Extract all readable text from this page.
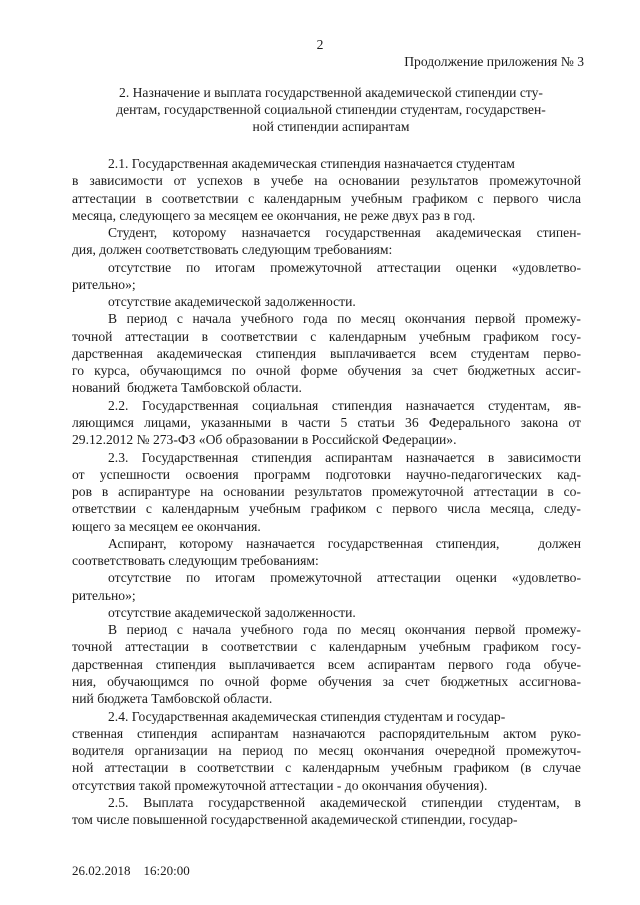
2
Продолжение приложения № 3
2. Назначение и выплата государственной академической стипендии сту-
дентам, государственной социальной стипендии студентам, государствен-
ной стипендии аспирантам
2.1. Государственная академическая стипендия назначается студентам
в зависимости от успехов в учебе на основании результатов промежуточной
аттестации в соответствии с календарным учебным графиком с первого числа
месяца, следующего за месяцем ее окончания, не реже двух раз в год.
Студент, которому назначается государственная академическая стипен-
дия, должен соответствовать следующим требованиям:
отсутствие по итогам промежуточной аттестации оценки «удовлетво-
рительно»;
отсутствие академической задолженности.
В период с начала учебного года по месяц окончания первой промежу-
точной аттестации в соответствии с календарным учебным графиком госу-
дарственная академическая стипендия выплачивается всем студентам перво-
го курса, обучающимся по очной форме обучения за счет бюджетных ассиг-
нований  бюджета Тамбовской области.
2.2. Государственная социальная стипендия назначается студентам, яв-
ляющимся лицами, указанными в части 5 статьи 36 Федерального закона от
29.12.2012 № 273-ФЗ «Об образовании в Российской Федерации».
2.3. Государственная стипендия аспирантам назначается в зависимости
от успешности освоения программ подготовки научно-педагогических кад-
ров в аспирантуре на основании результатов промежуточной аттестации в со-
ответствии с календарным учебным графиком с первого числа месяца, следу-
ющего за месяцем ее окончания.
Аспирант, которому назначается государственная стипендия,   должен
соответствовать следующим требованиям:
отсутствие по итогам промежуточной аттестации оценки «удовлетво-
рительно»;
отсутствие академической задолженности.
В период с начала учебного года по месяц окончания первой промежу-
точной аттестации в соответствии с календарным учебным графиком госу-
дарственная стипендия выплачивается всем аспирантам первого года обуче-
ния, обучающимся по очной форме обучения за счет бюджетных ассигнова-
ний бюджета Тамбовской области.
2.4. Государственная академическая стипендия студентам и государ-
ственная стипендия аспирантам назначаются распорядительным актом руко-
водителя организации на период по месяц окончания очередной промежуточ-
ной аттестации в соответствии с календарным учебным графиком (в случае
отсутствия такой промежуточной аттестации - до окончания обучения).
2.5. Выплата государственной академической стипендии студентам, в
том числе повышенной государственной академической стипендии, государ-
26.02.2018 16:20:00
